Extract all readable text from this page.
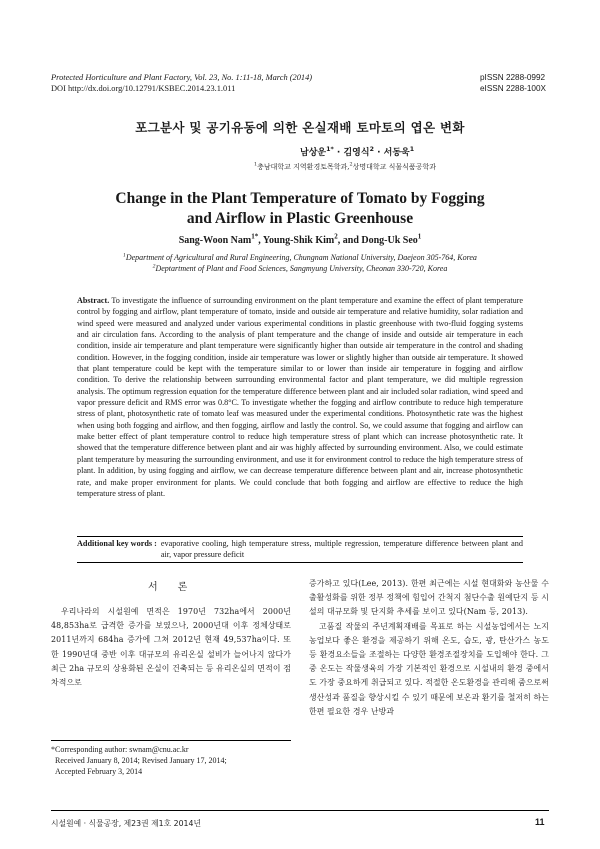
Protected Horticulture and Plant Factory, Vol. 23, No. 1:11-18, March (2014)
DOI http://dx.doi.org/10.12791/KSBEC.2014.23.1.011
pISSN 2288-0992
eISSN 2288-100X
포그분사 및 공기유동에 의한 온실재배 토마토의 엽온 변화
남상운$^{1*}$ · 김영식$^2$ · 서동욱$^1$
$^1$충남대학교 지역환경토목학과,$^2$상명대학교 식물식품공학과
Change in the Plant Temperature of Tomato by Fogging
and Airflow in Plastic Greenhouse
Sang-Woon Nam$^{1*}$, Young-Shik Kim$^2$, and Dong-Uk Seo$^1$
$^1$Department of Agricultural and Rural Engineering, Chungnam National University, Daejeon 305-764, Korea
$^2$Deptartment of Plant and Food Sciences, Sangmyung University, Cheonan 330-720, Korea

Abstract. To investigate the influence of surrounding environment on the plant temperature and examine the effect of plant temperature control by fogging and airflow, plant temperature of tomato, inside and outside air temperature and relative humidity, solar radiation and wind speed were measured and analyzed under various experimental conditions in plastic greenhouse with two-fluid fogging systems and air circulation fans. According to the analysis of plant temperature and the change of inside and outside air temperature in each condition, inside air temperature and plant temperature were significantly higher than outside air temperature in the control and shading condition. However, in the fogging condition, inside air temperature was lower or slightly higher than outside air temperature. It showed that plant temperature could be kept with the temperature similar to or lower than inside air temperature in fogging and airflow condition. To derive the relationship between surrounding environmental factor and plant temperature, we did multiple regression analysis. The optimum regression equation for the temperature difference between plant and air included solar radiation, wind speed and vapor pressure deficit and RMS error was 0.8°C. To investigate whether the fogging and airflow contribute to reduce high temperature stress of plant, photosynthetic rate of tomato leaf was measured under the experimental conditions. Photosynthetic rate was the highest when using both fogging and airflow, and then fogging, airflow and lastly the control. So, we could assume that fogging and airflow can make better effect of plant temperature control to reduce high temperature stress of plant which can increase photosynthetic rate. It showed that the temperature difference between plant and air was highly affected by surrounding environment. Also, we could estimate plant temperature by measuring the surrounding environment, and use it for environment control to reduce the high temperature stress of plant. In addition, by using fogging and airflow, we can decrease temperature difference between plant and air, increase photosynthetic rate, and make proper environment for plants. We could conclude that both fogging and airflow are effective to reduce the high temperature stress of plant.

Additional key words : evaporative cooling, high temperature stress, multiple regression, temperature difference between plant and air, vapor pressure deficit
서론

우리나라의 시설원예 면적은 1970년 732ha에서 2000년 48,853ha로 급격한 증가를 보였으나, 2000년대 이후 정체상태로 2011년까지 684ha 증가에 그쳐 2012년 현재 49,537ha이다. 또한 1990년대 중반 이후 대규모의 유리온실 설비가 늘어나지 않다가 최근 2ha 규모의 상용화된 온실이 건축되는 등 유리온실의 면적이 점차적으로

*Corresponding author: swnam@cnu.ac.kr
Received January 8, 2014; Revised January 17, 2014;
Accepted February 3, 2014

증가하고 있다(Lee, 2013). 한편 최근에는 시설 현대화와 농산물 수출활성화를 위한 정부 정책에 힘입어 간척지 첨단수출 원예단지 등 시설의 대규모화 및 단지화 추세를 보이고 있다(Nam 등, 2013).

고품질 작물의 주년계획재배를 목표로 하는 시설농업에서는 노지농업보다 좋은 환경을 제공하기 위해 온도, 습도, 광, 탄산가스 농도 등 환경요소들을 조절하는 다양한 환경조절장치를 도입해야 한다. 그 중 온도는 작물생육의 가장 기본적인 환경으로 시설내의 환경 중에서도 가장 중요하게 취급되고 있다. 적절한 온도환경을 관리해 줌으로써 생산성과 품질을 향상시킬 수 있기 때문에 보온과 환기를 철저히 하는 한편 필요한 경우 난방과

시설원예 · 식물공장, 제23권 제1호 2014년	11
